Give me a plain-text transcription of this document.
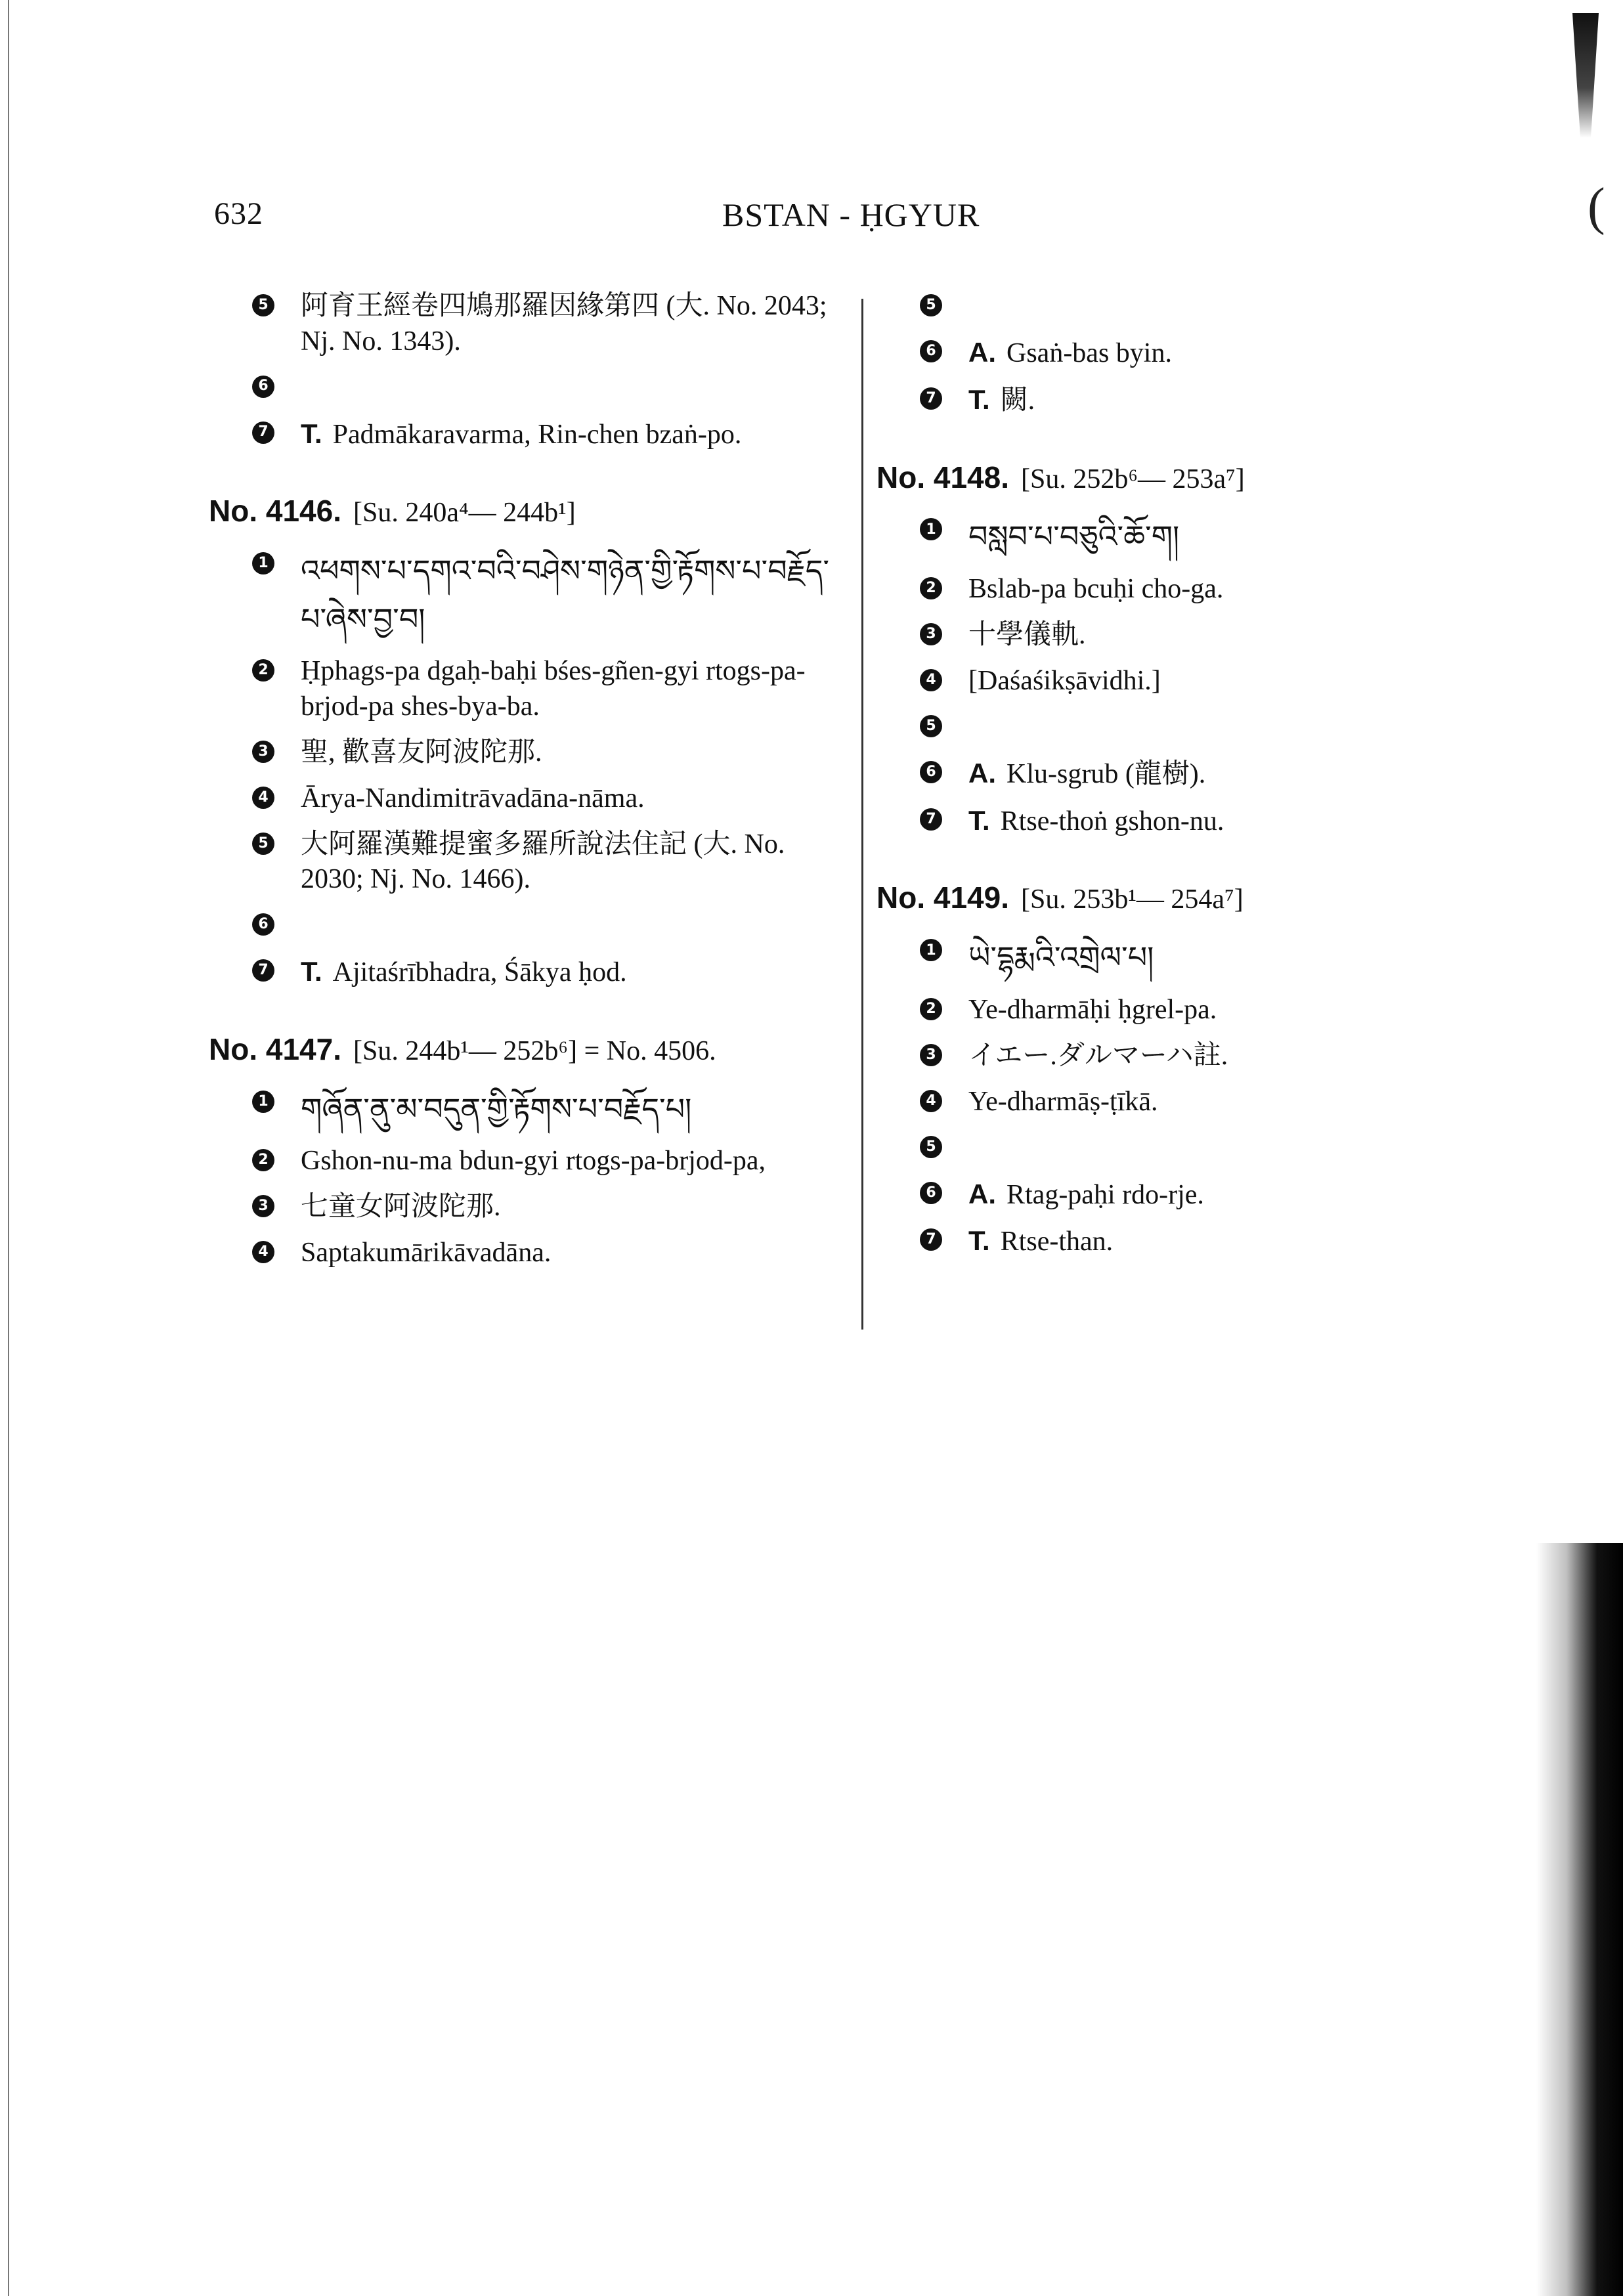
(
632	BSTAN - ḤGYUR
5 阿育王經卷四鳩那羅因緣第四 (大. No. 2043; Nj. No. 1343).
6
7 T. Padmākaravarma, Rin-chen bzaṅ-po.
No. 4146. [Su. 240a⁴— 244b¹]
1 འཕགས་པ་དགའ་བའི་བཤེས་གཉེན་གྱི་རྟོགས་པ་བརྗོད་པ་ཞེས་བྱ་བ།
2 Ḥphags-pa dgaḥ-baḥi bśes-gñen-gyi rtogs-pa-brjod-pa shes-bya-ba.
3 聖, 歡喜友阿波陀那.
4 Ārya-Nandimitrāvadāna-nāma.
5 大阿羅漢難提蜜多羅所說法住記 (大. No. 2030; Nj. No. 1466).
6
7 T. Ajitaśrībhadra, Śākya ḥod.
No. 4147. [Su. 244b¹— 252b⁶] = No. 4506.
1 གཞོན་ནུ་མ་བདུན་གྱི་རྟོགས་པ་བརྗོད་པ།
2 Gshon-nu-ma bdun-gyi rtogs-pa-brjod-pa,
3 七童女阿波陀那.
4 Saptakumārikāvadāna.
5
6 A. Gsaṅ-bas byin.
7 T. 闕.
No. 4148. [Su. 252b⁶— 253a⁷]
1 བསླབ་པ་བཅུའི་ཆོ་ག།
2 Bslab-pa bcuḥi cho-ga.
3 十學儀軌.
4 [Daśaśikṣāvidhi.]
5
6 A. Klu-sgrub (龍樹).
7 T. Rtse-thoṅ gshon-nu.
No. 4149. [Su. 253b¹— 254a⁷]
1 ཡེ་དྷརྨའི་འགྲེལ་པ།
2 Ye-dharmāḥi ḥgrel-pa.
3 イエー.ダルマーハ註.
4 Ye-dharmāṣ-ṭīkā.
5
6 A. Rtag-paḥi rdo-rje.
7 T. Rtse-than.
